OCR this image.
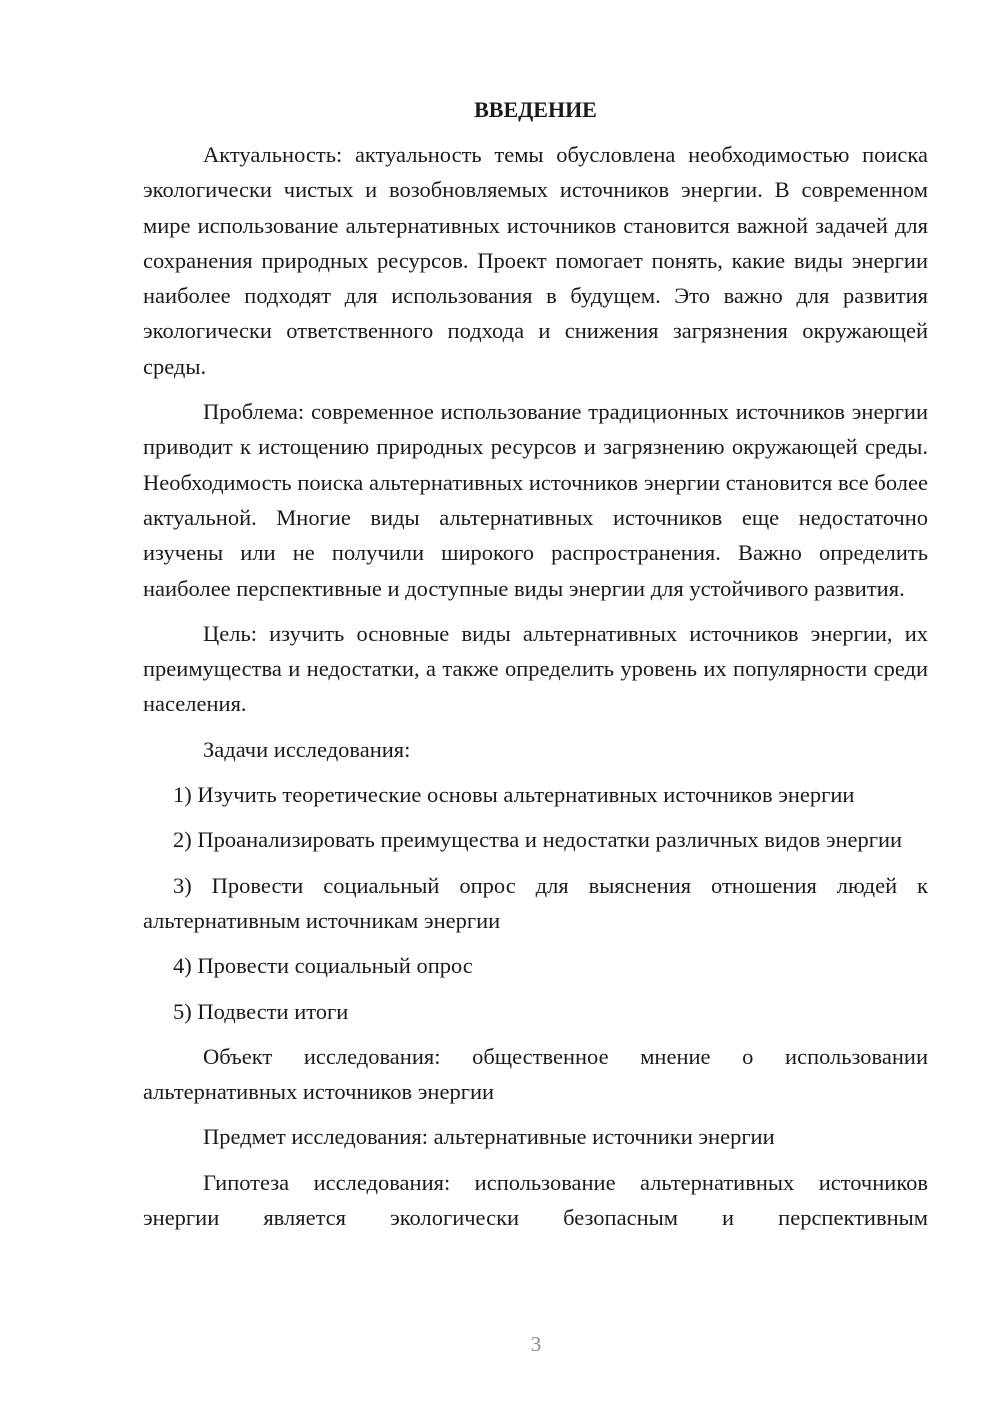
ВВЕДЕНИЕ

Актуальность: актуальность темы обусловлена необходимостью поиска экологически чистых и возобновляемых источников энергии. В современном мире использование альтернативных источников становится важной задачей для сохранения природных ресурсов. Проект помогает понять, какие виды энергии наиболее подходят для использования в будущем. Это важно для развития экологически ответственного подхода и снижения загрязнения окружающей среды.

Проблема: современное использование традиционных источников энергии приводит к истощению природных ресурсов и загрязнению окружающей среды. Необходимость поиска альтернативных источников энергии становится все более актуальной. Многие виды альтернативных источников еще недостаточно изучены или не получили широкого распространения. Важно определить наиболее перспективные и доступные виды энергии для устойчивого развития.

Цель: изучить основные виды альтернативных источников энергии, их преимущества и недостатки, а также определить уровень их популярности среди населения.

Задачи исследования:

1) Изучить теоретические основы альтернативных источников энергии

2) Проанализировать преимущества и недостатки различных видов энергии

3) Провести социальный опрос для выяснения отношения людей к альтернативным источникам энергии

4) Провести социальный опрос

5) Подвести итоги

Объект исследования: общественное мнение о использовании альтернативных источников энергии

Предмет исследования: альтернативные источники энергии

Гипотеза исследования: использование альтернативных источников энергии является экологически безопасным и перспективным

3
